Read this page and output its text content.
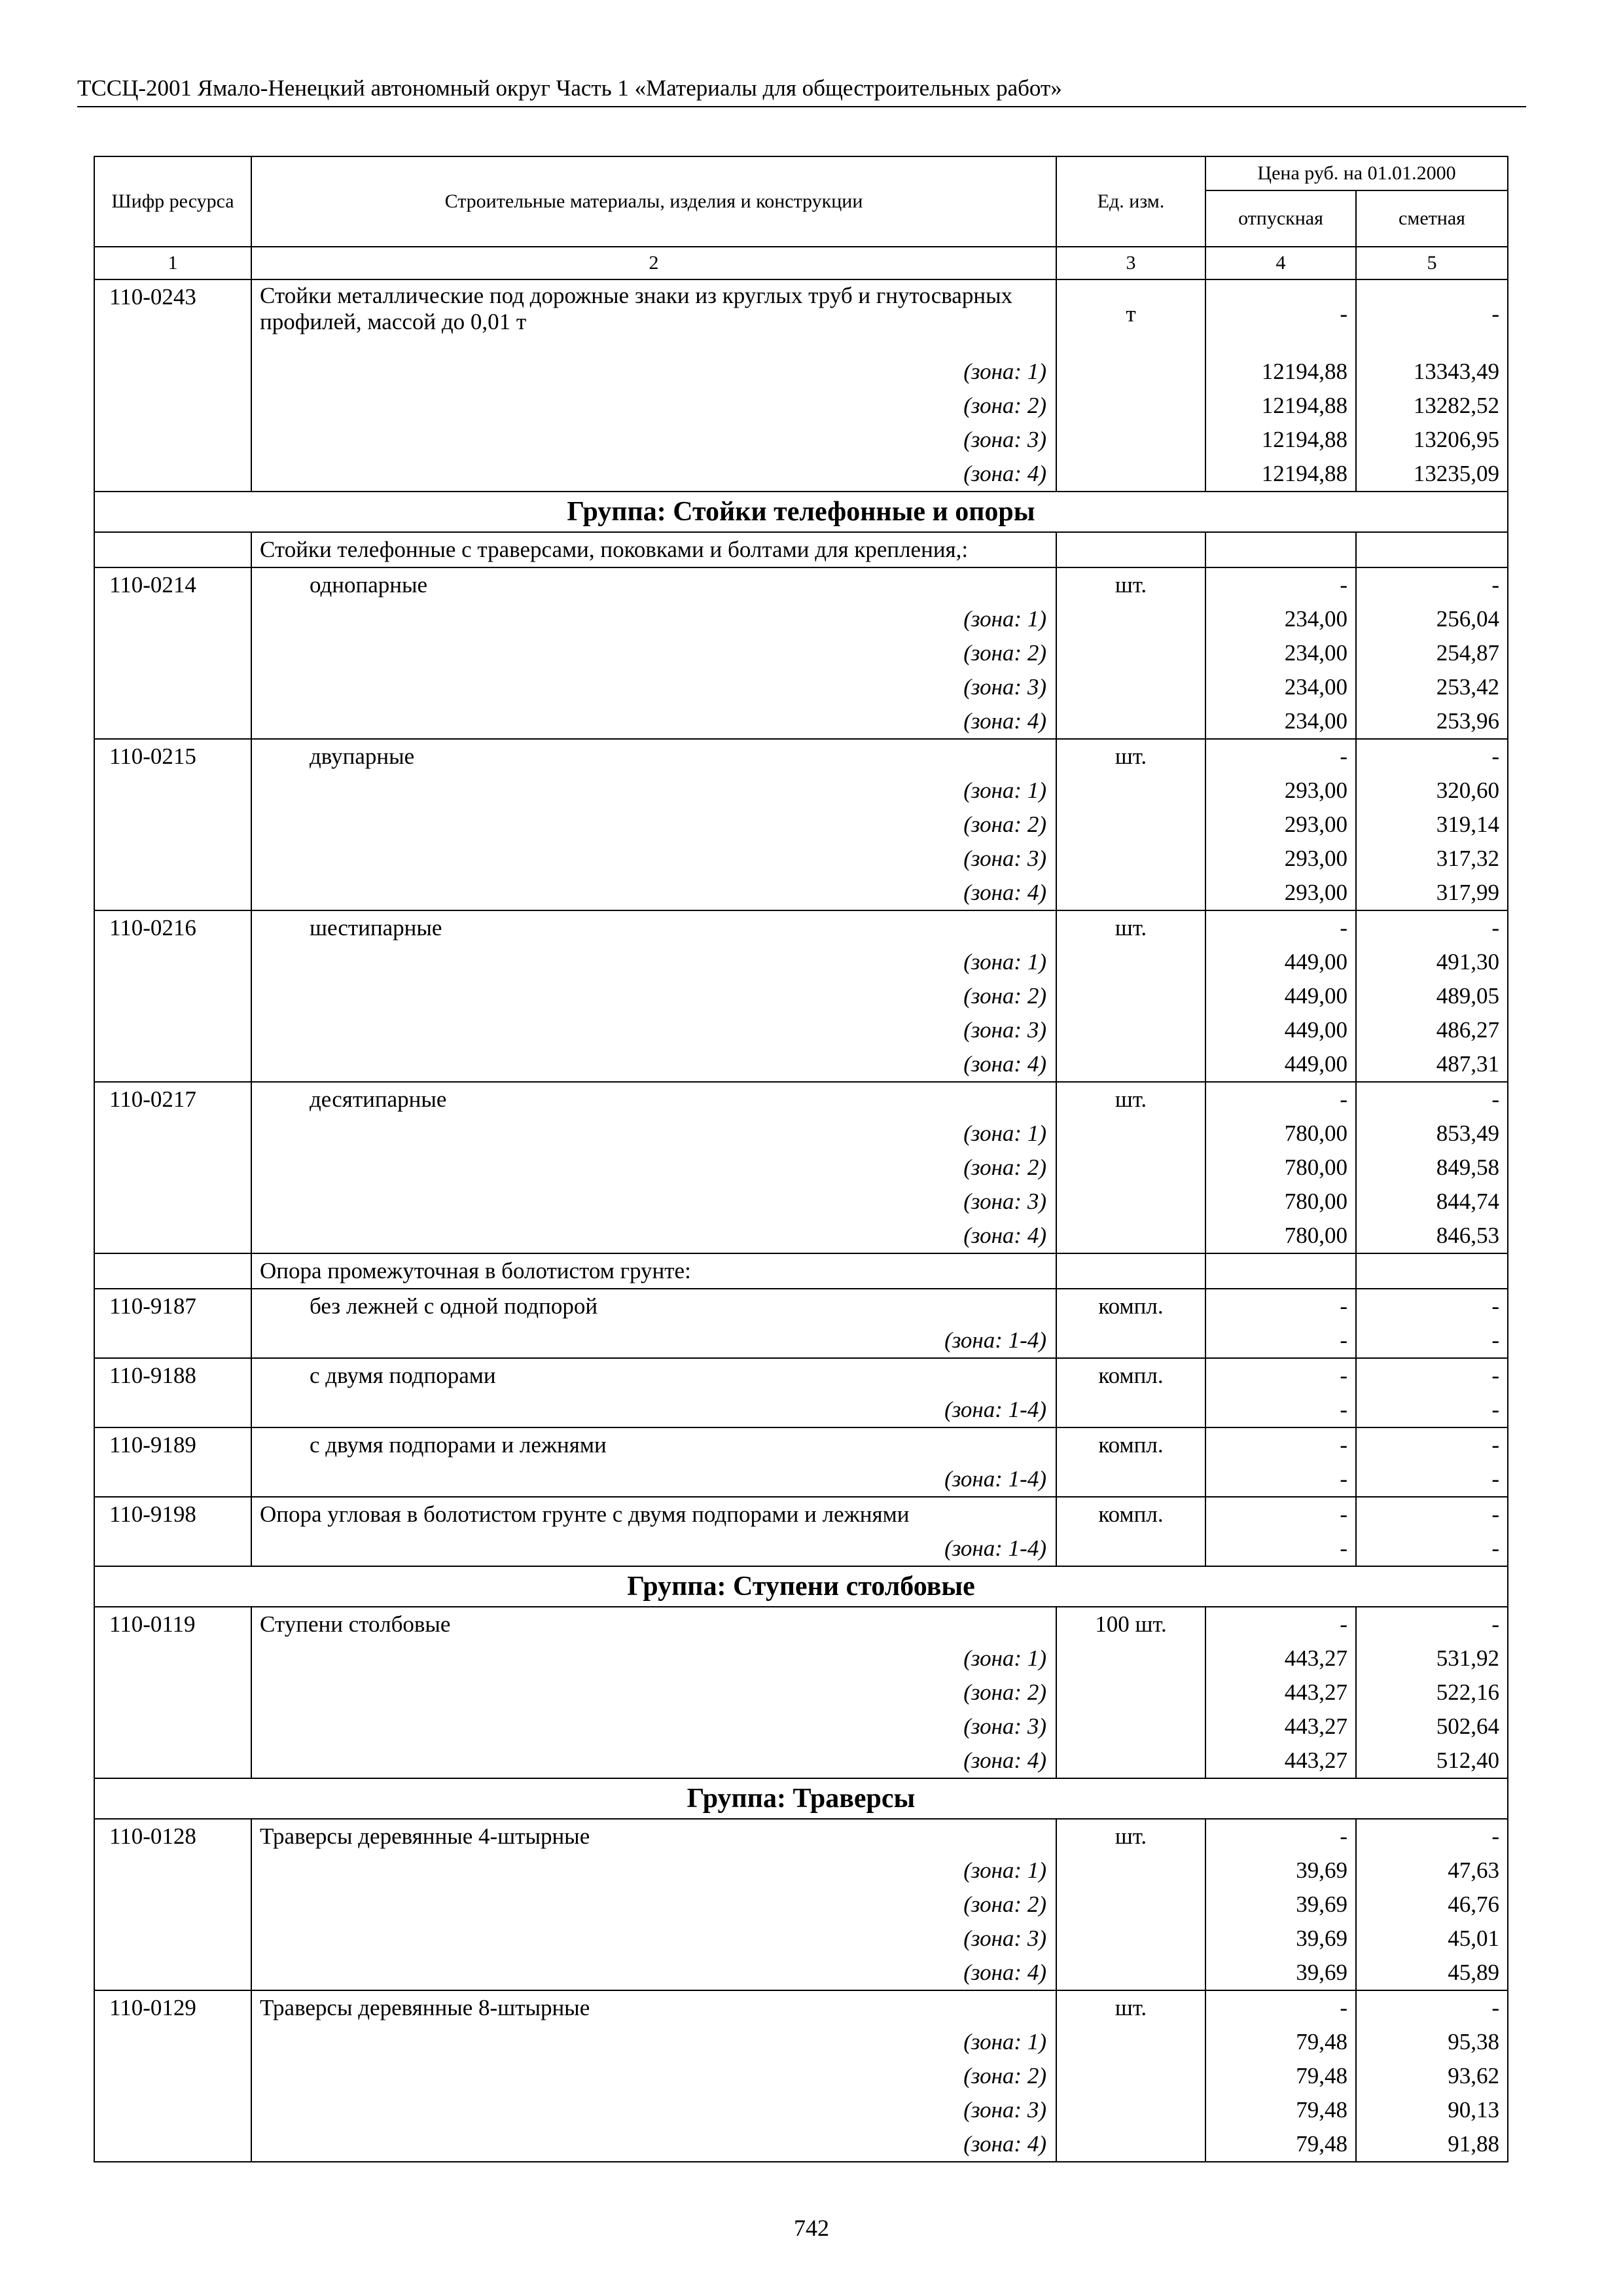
ТССЦ-2001 Ямало-Ненецкий автономный округ Часть 1 «Материалы для общестроительных работ»
Шифр ресурса	Строительные материалы, изделия и конструкции	Ед. изм.	Цена руб. на 01.01.2000	
			отпускная	сметная
1	2	3	4	5
110-0243	Стойки металлические под дорожные знаки из круглых труб и гнутосварных профилей, массой до 0,01 т	т	-	-
	(зона: 1)		12194,88	13343,49
	(зона: 2)		12194,88	13282,52
	(зона: 3)		12194,88	13206,95
	(зона: 4)		12194,88	13235,09
Группа: Стойки телефонные и опоры				
	Стойки телефонные с траверсами, поковками и болтами для крепления,:			
110-0214	однопарные	шт.	-	-
	(зона: 1)		234,00	256,04
	(зона: 2)		234,00	254,87
	(зона: 3)		234,00	253,42
	(зона: 4)		234,00	253,96
110-0215	двупарные	шт.	-	-
	(зона: 1)		293,00	320,60
	(зона: 2)		293,00	319,14
	(зона: 3)		293,00	317,32
	(зона: 4)		293,00	317,99
110-0216	шестипарные	шт.	-	-
	(зона: 1)		449,00	491,30
	(зона: 2)		449,00	489,05
	(зона: 3)		449,00	486,27
	(зона: 4)		449,00	487,31
110-0217	десятипарные	шт.	-	-
	(зона: 1)		780,00	853,49
	(зона: 2)		780,00	849,58
	(зона: 3)		780,00	844,74
	(зона: 4)		780,00	846,53
	Опора промежуточная в болотистом грунте:			
110-9187	без лежней с одной подпорой	компл.	-	-
	(зона: 1-4)		-	-
110-9188	с двумя подпорами	компл.	-	-
	(зона: 1-4)		-	-
110-9189	с двумя подпорами и лежнями	компл.	-	-
	(зона: 1-4)		-	-
110-9198	Опора угловая в болотистом грунте с двумя подпорами и лежнями	компл.	-	-
	(зона: 1-4)		-	-
Группа: Ступени столбовые				
110-0119	Ступени столбовые	100 шт.	-	-
	(зона: 1)		443,27	531,92
	(зона: 2)		443,27	522,16
	(зона: 3)		443,27	502,64
	(зона: 4)		443,27	512,40
Группа: Траверсы				
110-0128	Траверсы деревянные 4-штырные	шт.	-	-
	(зона: 1)		39,69	47,63
	(зона: 2)		39,69	46,76
	(зона: 3)		39,69	45,01
	(зона: 4)		39,69	45,89
110-0129	Траверсы деревянные 8-штырные	шт.	-	-
	(зона: 1)		79,48	95,38
	(зона: 2)		79,48	93,62
	(зона: 3)		79,48	90,13
	(зона: 4)		79,48	91,88
742
